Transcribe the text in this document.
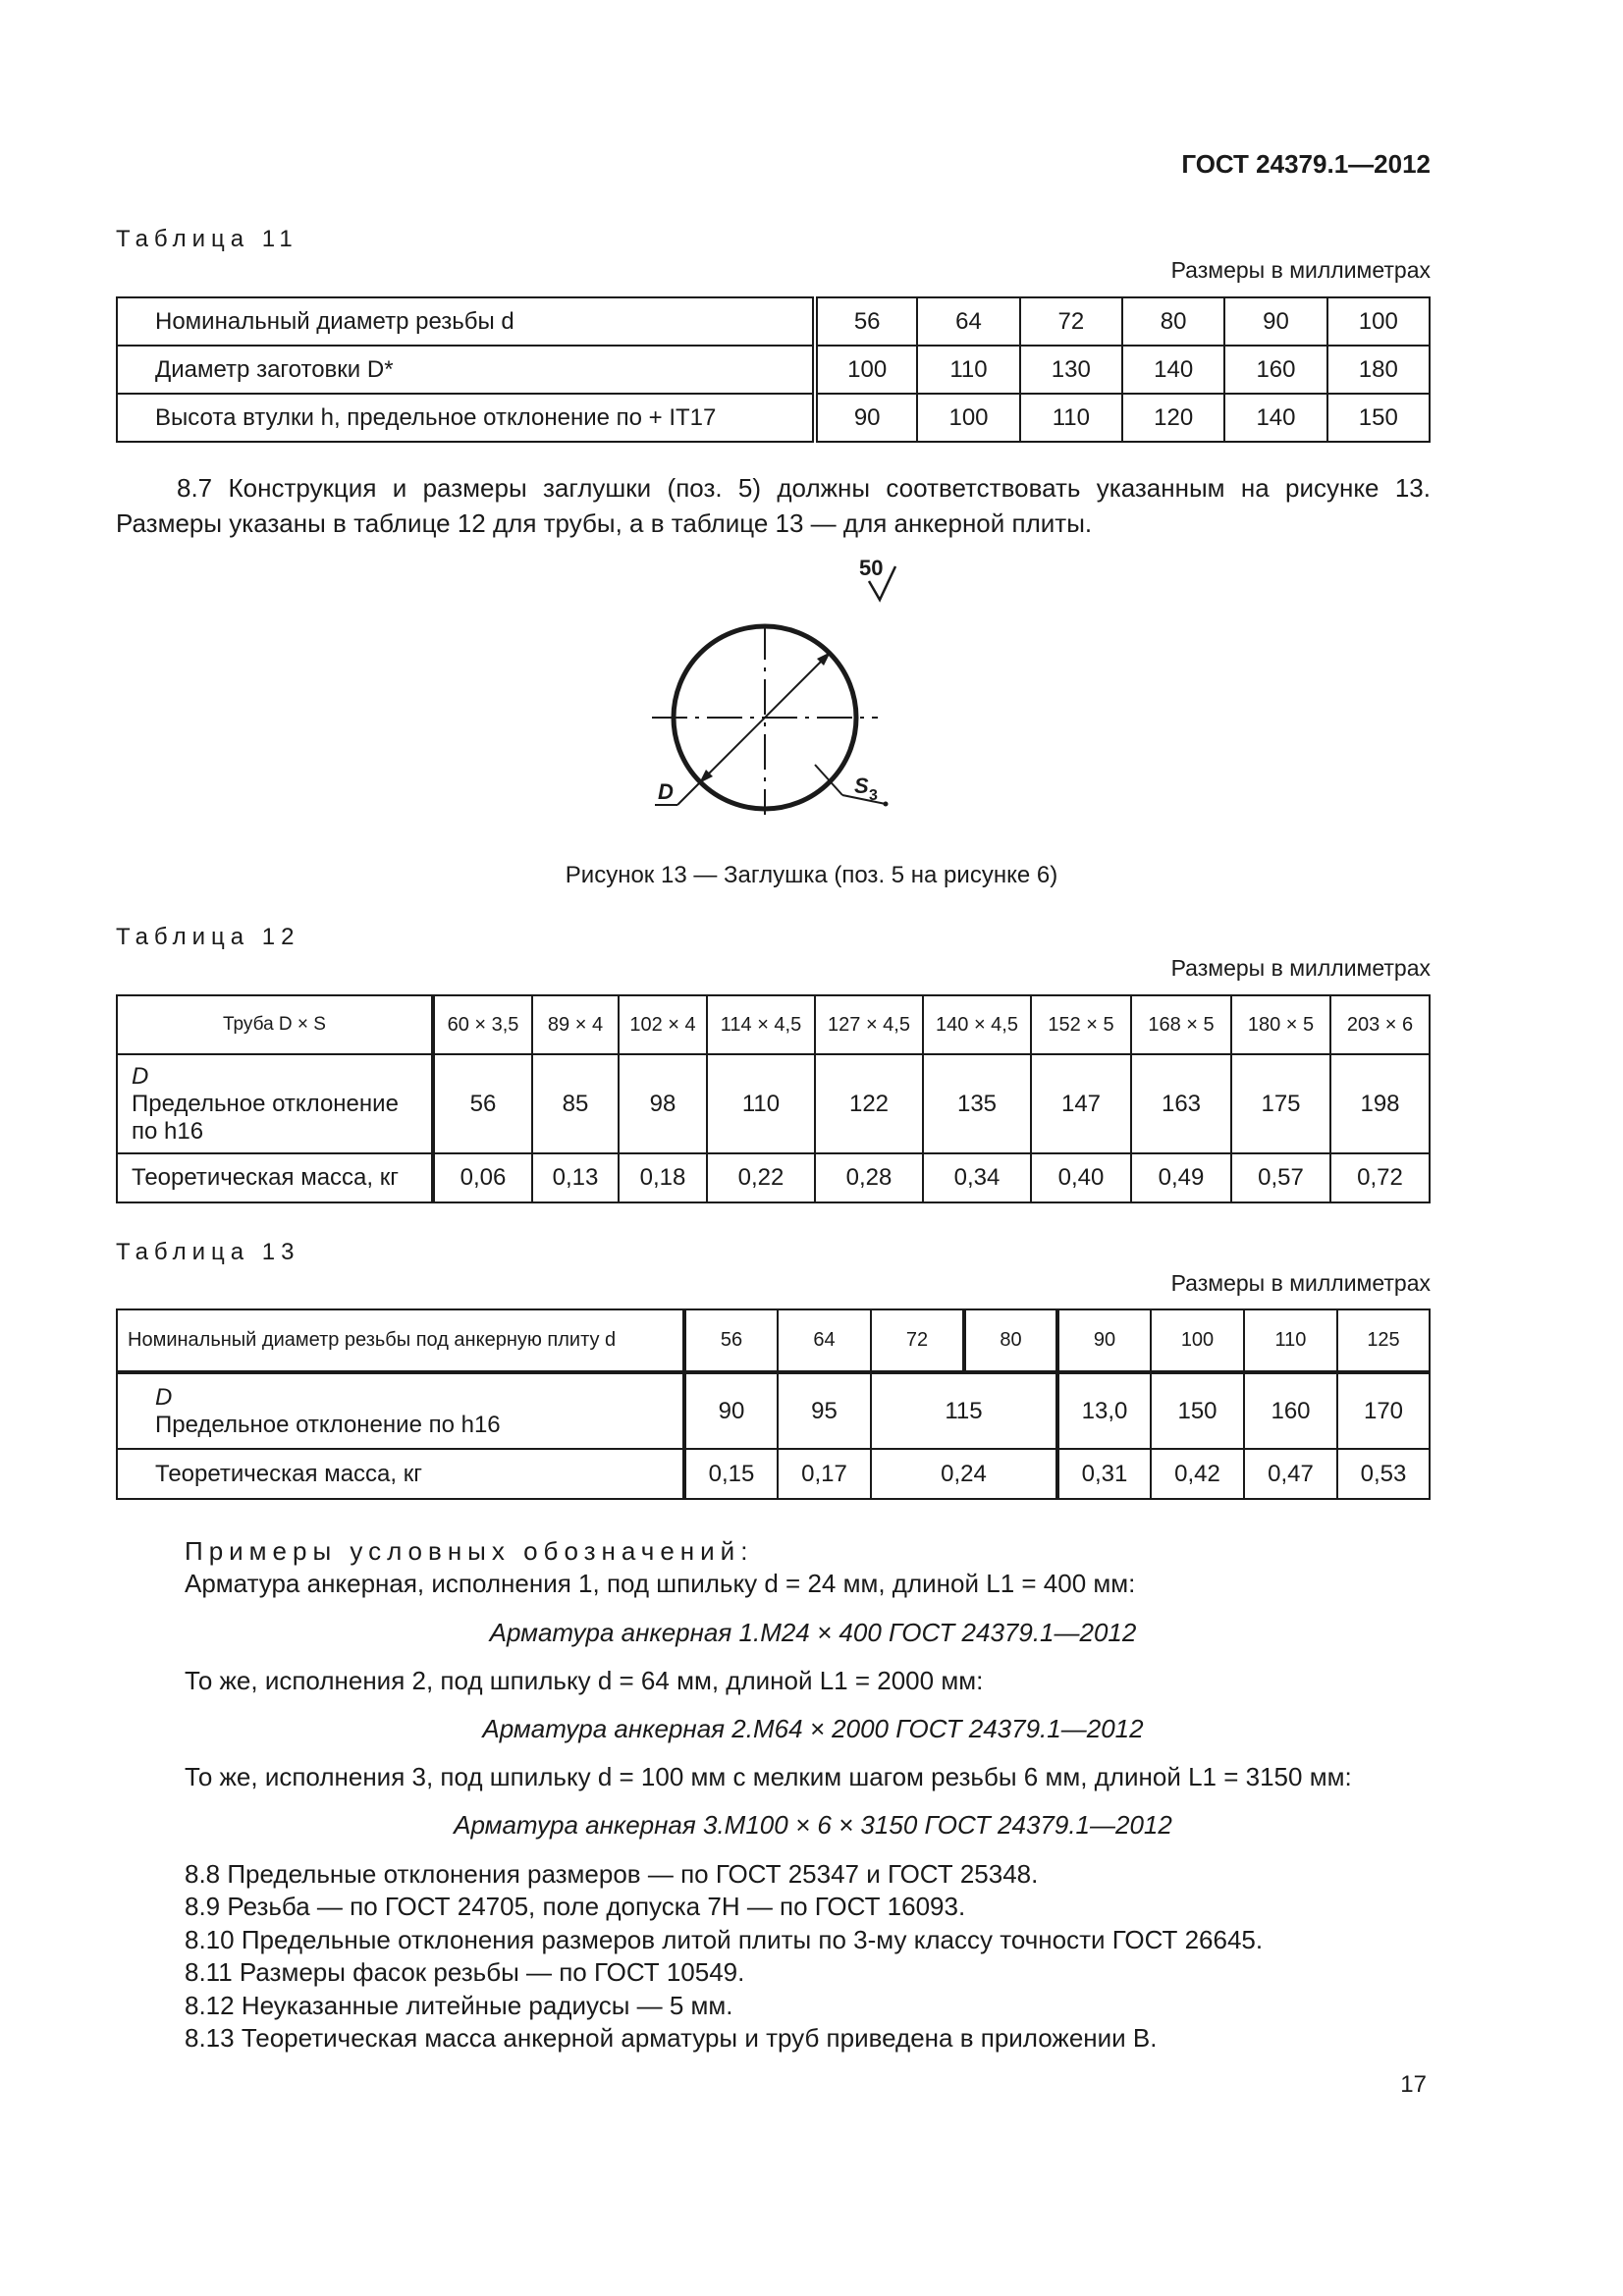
ГОСТ 24379.1—2012
Таблица 11
Размеры в миллиметрах
Номинальный диаметр резьбы d	56	64	72	80	90	100
Диаметр заготовки D*	100	110	130	140	160	180
Высота втулки h, предельное отклонение по + IT17	90	100	110	120	140	150

8.7 Конструкция и размеры заглушки (поз. 5) должны соответствовать указанным на рисунке 13. Размеры указаны в таблице 12 для трубы, а в таблице 13 — для анкерной плиты.

50
D	S 3
Рисунок 13 — Заглушка (поз. 5 на рисунке 6)
Таблица 12
Размеры в миллиметрах
Труба D × S	60 × 3,5	89 × 4	102 × 4	114 × 4,5	127 × 4,5	140 × 4,5	152 × 5	168 × 5	180 × 5	203 × 6

D
Предельное отклонение
по h16	56	85	98	110	122	135	147	163	175	198
Теоретическая масса, кг	0,06	0,13	0,18	0,22	0,28	0,34	0,40	0,49	0,57	0,72
Таблица 13
Размеры в миллиметрах
Номинальный диаметр резьбы под анкерную плиту d	56	64	72	80	90	100	110	125

D
Предельное отклонение по h16	90	95	115		13,0	150	160	170
Теоретическая масса, кг	0,15	0,17	0,24		0,31	0,42	0,47	0,53
Примеры условных обозначений:
Арматура анкерная, исполнения 1, под шпильку d = 24 мм, длиной L1 = 400 мм:
Арматура анкерная 1.М24 × 400 ГОСТ 24379.1—2012
То же, исполнения 2, под шпильку d = 64 мм, длиной L1 = 2000 мм:
Арматура анкерная 2.М64 × 2000 ГОСТ 24379.1—2012
То же, исполнения 3, под шпильку d = 100 мм с мелким шагом резьбы 6 мм, длиной L1 = 3150 мм:
Арматура анкерная 3.М100 × 6 × 3150 ГОСТ 24379.1—2012
8.8 Предельные отклонения размеров — по ГОСТ 25347 и ГОСТ 25348.
8.9 Резьба — по ГОСТ 24705, поле допуска 7Н — по ГОСТ 16093.
8.10 Предельные отклонения размеров литой плиты по 3-му классу точности ГОСТ 26645.
8.11 Размеры фасок резьбы — по ГОСТ 10549.
8.12 Неуказанные литейные радиусы — 5 мм.
8.13 Теоретическая масса анкерной арматуры и труб приведена в приложении В.
17
